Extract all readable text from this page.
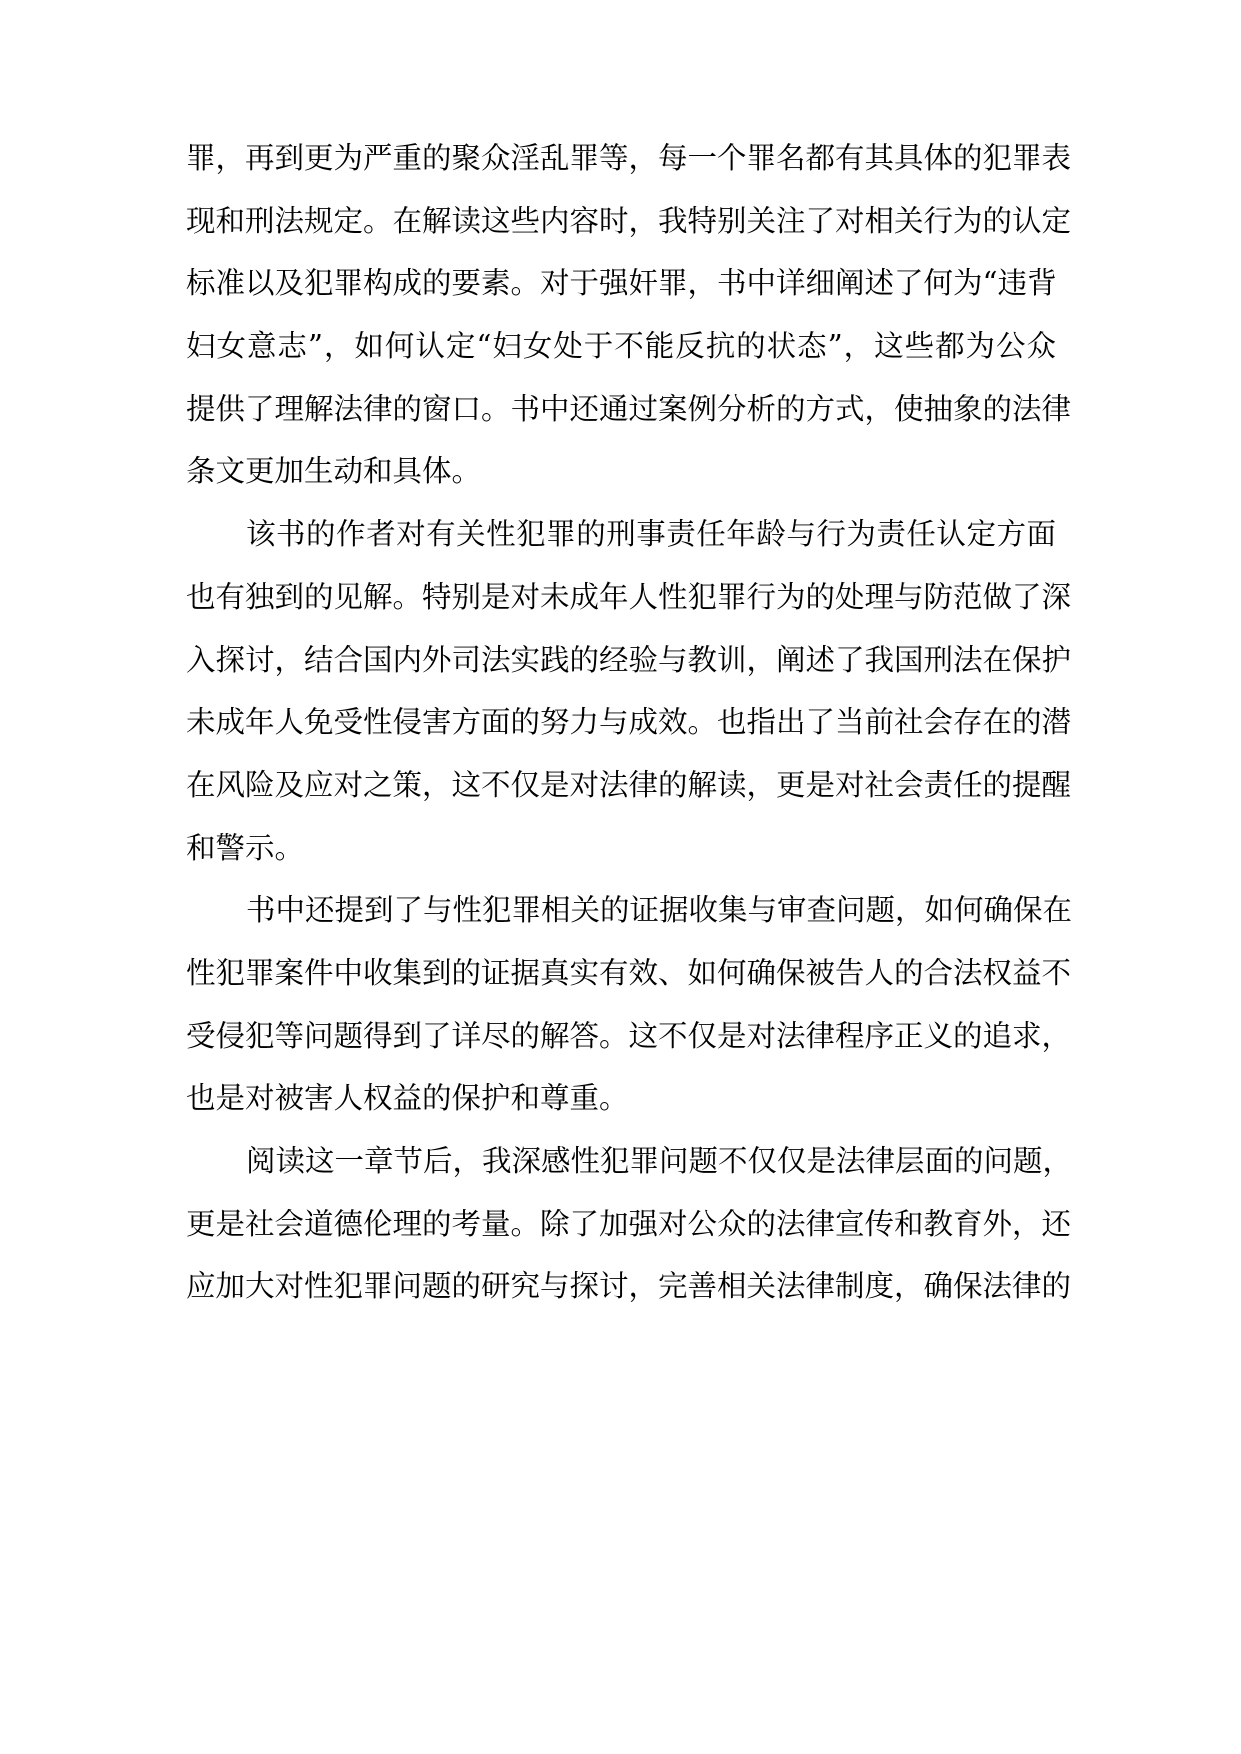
罪，再到更为严重的聚众淫乱罪等，每一个罪名都有其具体的犯罪表
现和刑法规定。在解读这些内容时，我特别关注了对相关行为的认定
标准以及犯罪构成的要素。对于强奸罪，书中详细阐述了何为“违背
妇女意志”，如何认定“妇女处于不能反抗的状态”，这些都为公众
提供了理解法律的窗口。书中还通过案例分析的方式，使抽象的法律
条文更加生动和具体。
该书的作者对有关性犯罪的刑事责任年龄与行为责任认定方面
也有独到的见解。特别是对未成年人性犯罪行为的处理与防范做了深
入探讨，结合国内外司法实践的经验与教训，阐述了我国刑法在保护
未成年人免受性侵害方面的努力与成效。也指出了当前社会存在的潜
在风险及应对之策，这不仅是对法律的解读，更是对社会责任的提醒
和警示。
书中还提到了与性犯罪相关的证据收集与审查问题，如何确保在
性犯罪案件中收集到的证据真实有效、如何确保被告人的合法权益不
受侵犯等问题得到了详尽的解答。这不仅是对法律程序正义的追求，
也是对被害人权益的保护和尊重。
阅读这一章节后，我深感性犯罪问题不仅仅是法律层面的问题，
更是社会道德伦理的考量。除了加强对公众的法律宣传和教育外，还
应加大对性犯罪问题的研究与探讨，完善相关法律制度，确保法律的
